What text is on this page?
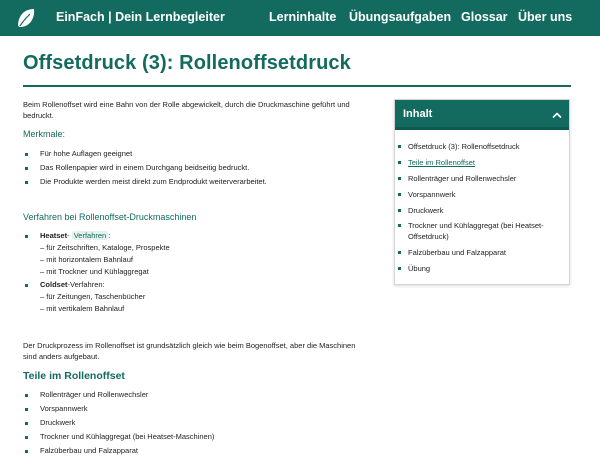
EinFach | Dein Lernbegleiter	Lerninhalte Übungsaufgaben Glossar Über uns
Offsetdruck (3): Rollenoffsetdruck
Beim Rollenoffset wird eine Bahn von der Rolle abgewickelt, durch die Druckmaschine geführt und
bedruckt.
Merkmale:
Für hohe Auflagen geeignet
Das Rollenpapier wird in einem Durchgang beidseitig bedruckt.
Die Produkte werden meist direkt zum Endprodukt weiterverarbeitet.
Verfahren bei Rollenoffset-Druckmaschinen
Heatset- Verfahren :
– für Zeitschriften, Kataloge, Prospekte
– mit horizontalem Bahnlauf
– mit Trockner und Kühlaggregat
Coldset-Verfahren:
– für Zeitungen, Taschenbücher
– mit vertikalem Bahnlauf
Der Druckprozess im Rollenoffset ist grundsätzlich gleich wie beim Bogenoffset, aber die Maschinen
sind anders aufgebaut.
Teile im Rollenoffset
Rollenträger und Rollenwechsler
Vorspannwerk
Druckwerk
Trockner und Kühlaggregat (bei Heatset-Maschinen)
Falzüberbau und Falzapparat
Inhalt
Offsetdruck (3): Rollenoffsetdruck
Teile im Rollenoffset
Rollenträger und Rollenwechsler
Vorspannwerk
Druckwerk
Trockner und Kühlaggregat (bei Heatset-Offsetdruck)
Falzüberbau und Falzapparat
Übung
